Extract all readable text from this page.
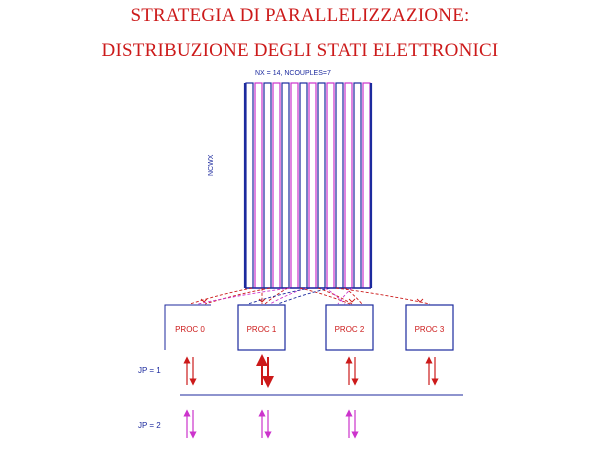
STRATEGIA DI PARALLELIZZAZIONE:
DISTRIBUZIONE DEGLI STATI ELETTRONICI
NX = 14, NCOUPLES=7
NCWX
PROC 0	PROC 1	PROC 2	PROC 3
JP = 1
JP = 2
